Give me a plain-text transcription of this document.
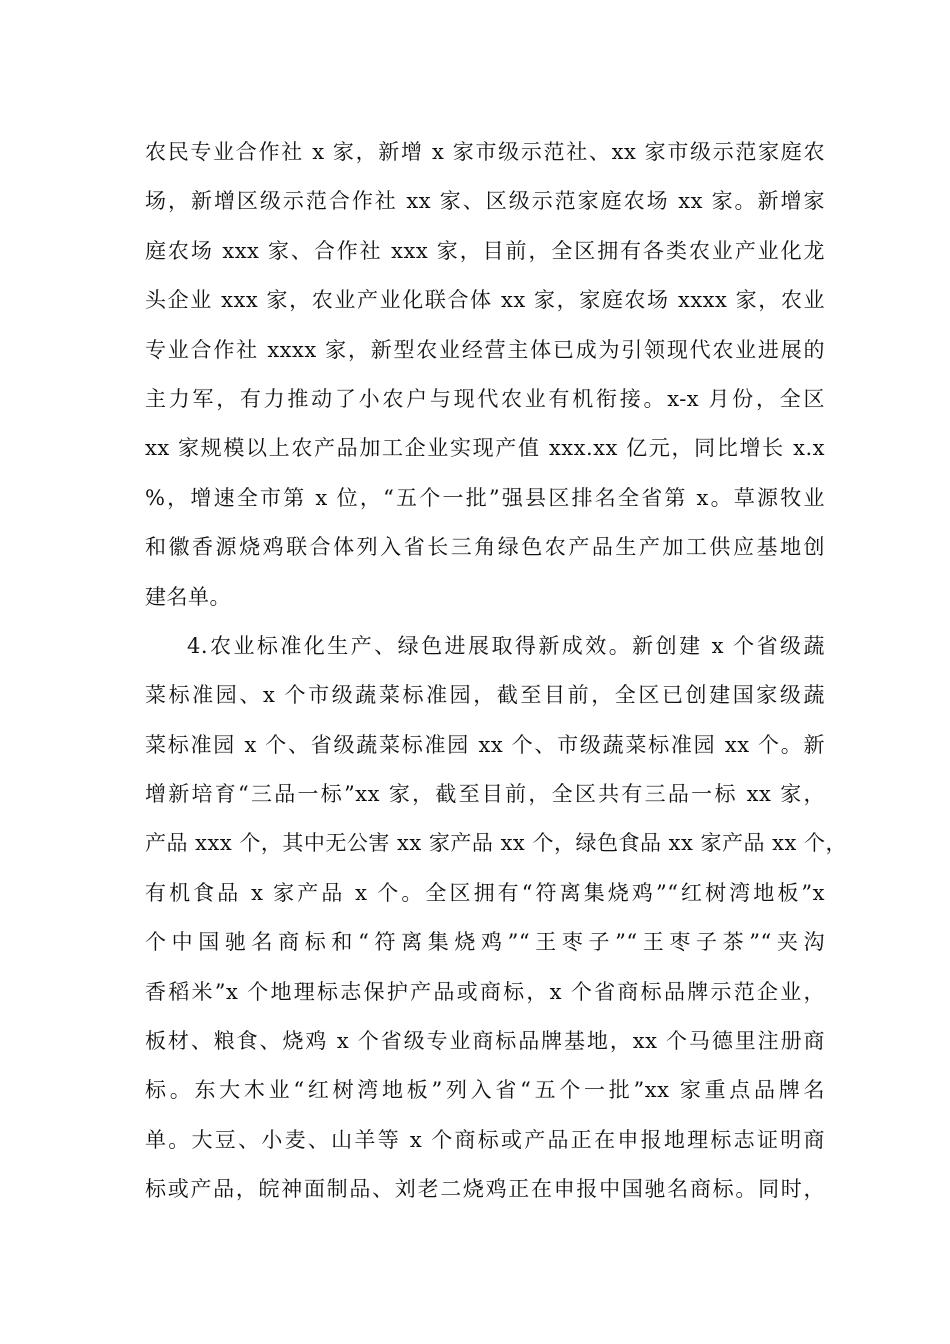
农民专业合作社 x 家，新增 x 家市级示范社、xx 家市级示范家庭农
场，新增区级示范合作社 xx 家、区级示范家庭农场 xx 家。新增家
庭农场 xxx 家、合作社 xxx 家，目前，全区拥有各类农业产业化龙
头企业 xxx 家，农业产业化联合体 xx 家，家庭农场 xxxx 家，农业
专业合作社 xxxx 家，新型农业经营主体已成为引领现代农业进展的
主力军，有力推动了小农户与现代农业有机衔接。x-x 月份，全区
xx 家规模以上农产品加工企业实现产值 xxx.xx 亿元，同比增长 x.x
%，增速全市第 x 位，“五个一批”强县区排名全省第 x。草源牧业
和徽香源烧鸡联合体列入省长三角绿色农产品生产加工供应基地创
建名单。
4.农业标准化生产、绿色进展取得新成效。新创建 x 个省级蔬
菜标准园、x 个市级蔬菜标准园，截至目前，全区已创建国家级蔬
菜标准园 x 个、省级蔬菜标准园 xx 个、市级蔬菜标准园 xx 个。新
增新培育“三品一标”xx 家，截至目前，全区共有三品一标 xx 家，
产品 xxx 个，其中无公害 xx 家产品 xx 个，绿色食品 xx 家产品 xx 个，
有机食品 x 家产品 x 个。全区拥有“符离集烧鸡”“红树湾地板”x
个中国驰名商标和“符离集烧鸡”“王枣子”“王枣子茶”“夹沟
香稻米”x 个地理标志保护产品或商标，x 个省商标品牌示范企业，
板材、粮食、烧鸡 x 个省级专业商标品牌基地，xx 个马德里注册商
标。东大木业“红树湾地板”列入省“五个一批”xx 家重点品牌名
单。大豆、小麦、山羊等 x 个商标或产品正在申报地理标志证明商
标或产品，皖神面制品、刘老二烧鸡正在申报中国驰名商标。同时，
